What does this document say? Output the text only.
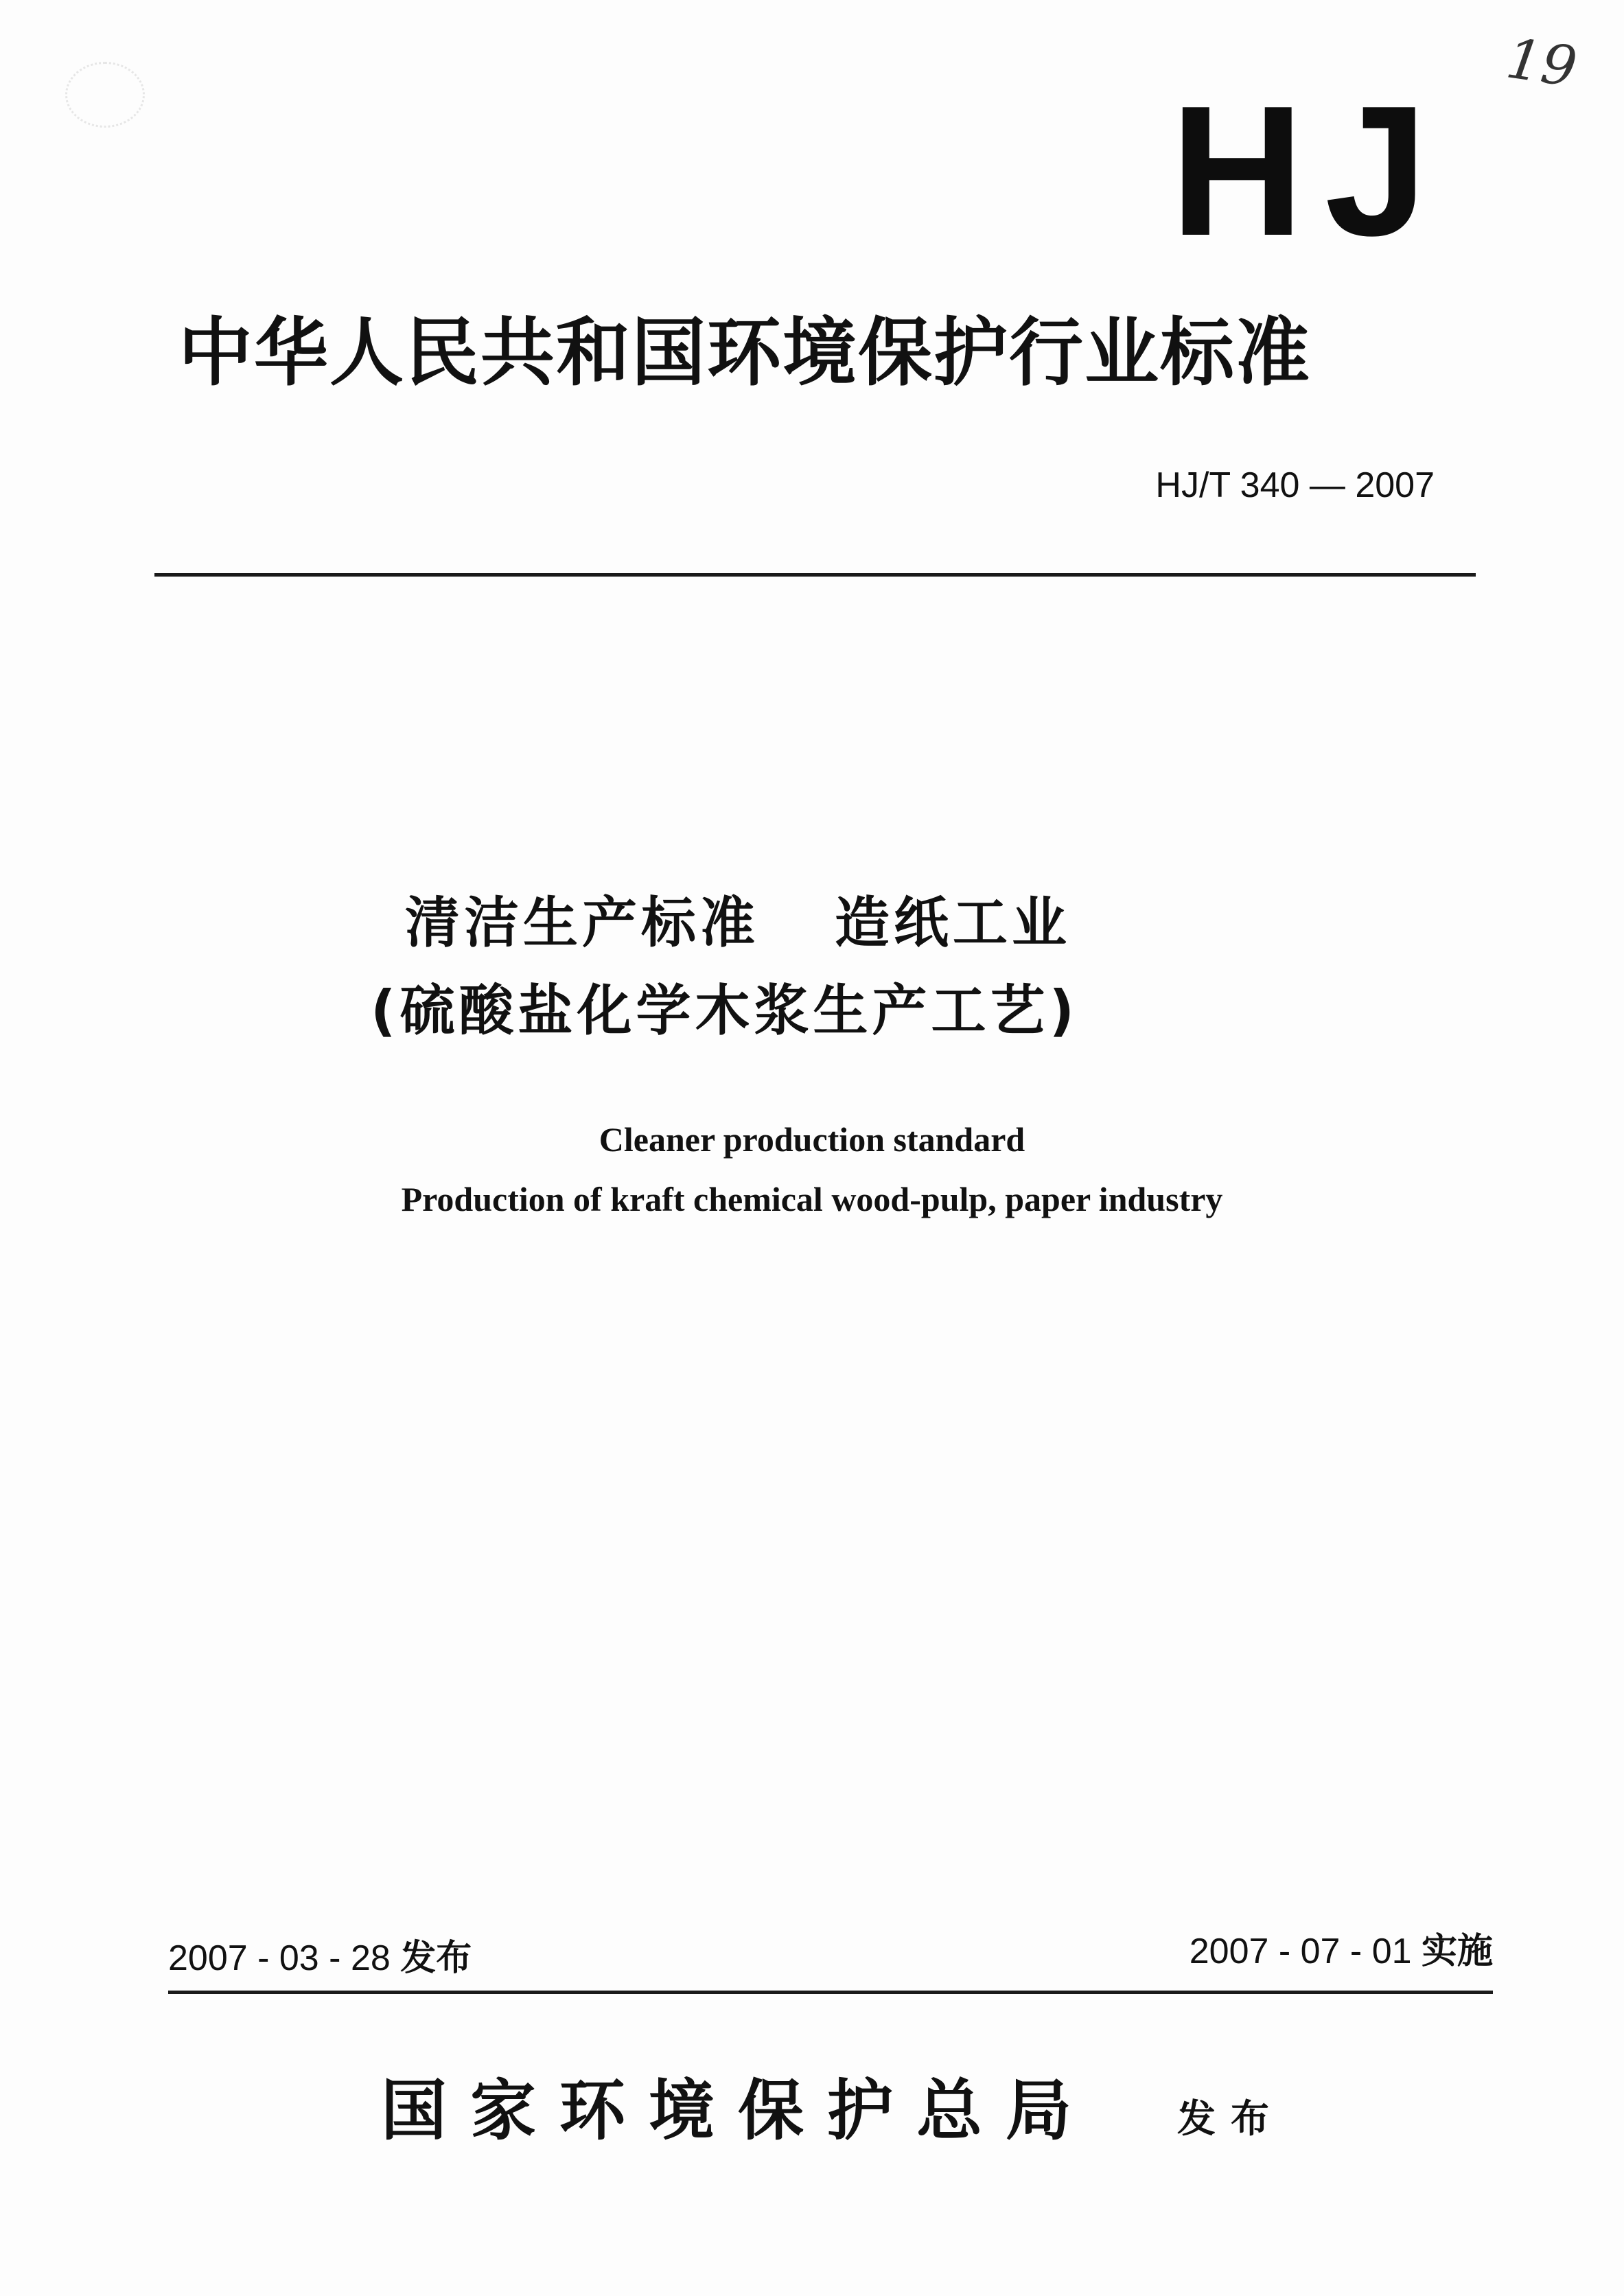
19
HJ
中华人民共和国环境保护行业标准
HJ/T 340 — 2007
清洁生产标准 造纸工业
(硫酸盐化学木浆生产工艺)
Cleaner production standard
Production of kraft chemical wood-pulp, paper industry
2007 - 03 - 28 发布	2007 - 07 - 01 实施
国家环境保护总局 发布
